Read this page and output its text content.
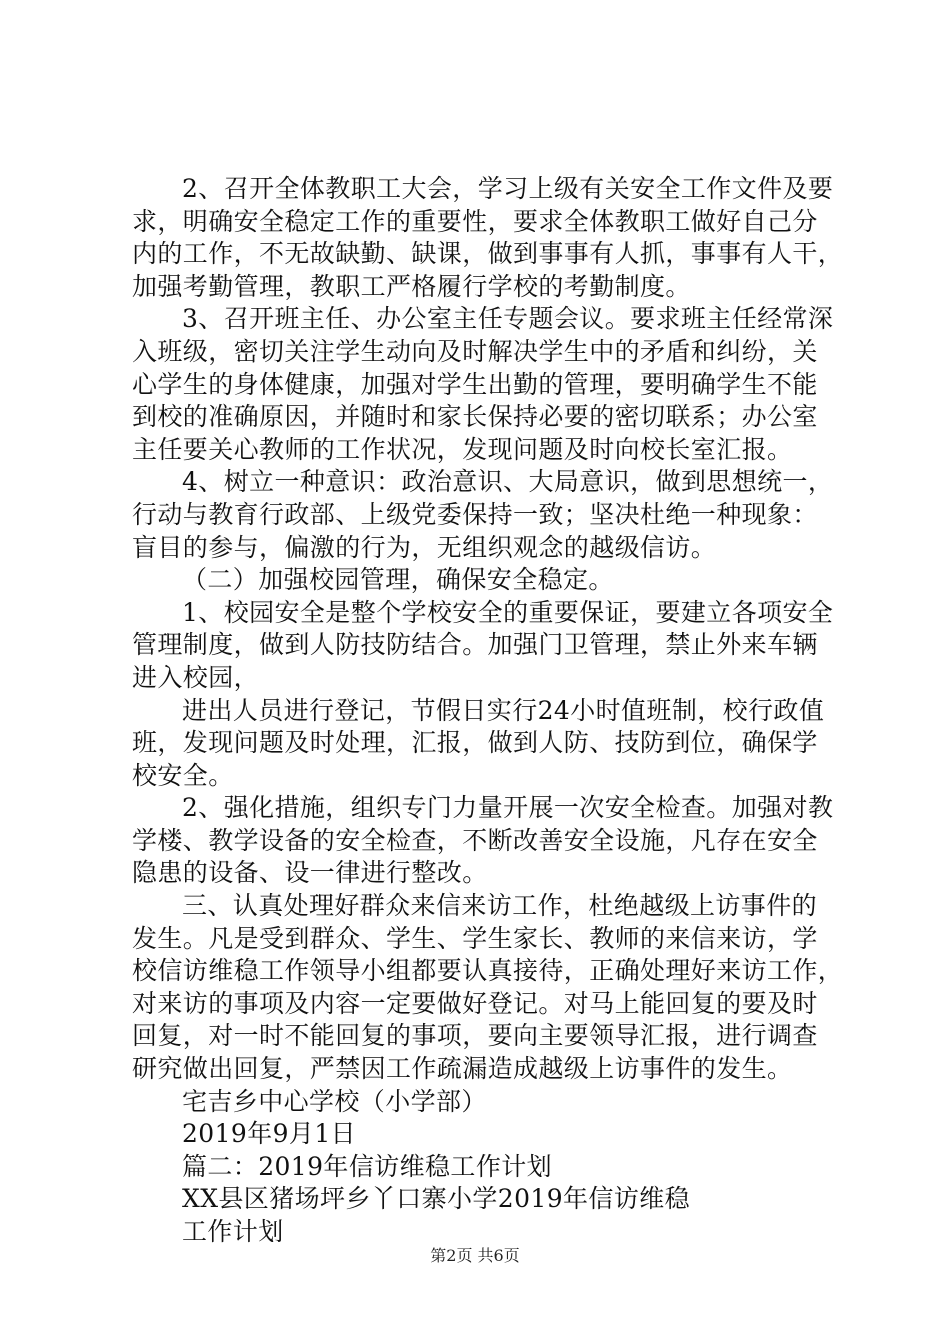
2、召开全体教职工大会，学习上级有关安全工作文件及要
求，明确安全稳定工作的重要性，要求全体教职工做好自己分
内的工作，不无故缺勤、缺课，做到事事有人抓，事事有人干，
加强考勤管理，教职工严格履行学校的考勤制度。
3、召开班主任、办公室主任专题会议。要求班主任经常深
入班级，密切关注学生动向及时解决学生中的矛盾和纠纷，关
心学生的身体健康，加强对学生出勤的管理，要明确学生不能
到校的准确原因，并随时和家长保持必要的密切联系；办公室
主任要关心教师的工作状况，发现问题及时向校长室汇报。
4、树立一种意识：政治意识、大局意识，做到思想统一，
行动与教育行政部、上级党委保持一致；坚决杜绝一种现象：
盲目的参与，偏激的行为，无组织观念的越级信访。
（二）加强校园管理，确保安全稳定。
1、校园安全是整个学校安全的重要保证，要建立各项安全
管理制度，做到人防技防结合。加强门卫管理，禁止外来车辆
进入校园，
进出人员进行登记，节假日实行24小时值班制，校行政值
班，发现问题及时处理，汇报，做到人防、技防到位，确保学
校安全。
2、强化措施，组织专门力量开展一次安全检查。加强对教
学楼、教学设备的安全检查，不断改善安全设施，凡存在安全
隐患的设备、设一律进行整改。
三、认真处理好群众来信来访工作，杜绝越级上访事件的
发生。凡是受到群众、学生、学生家长、教师的来信来访，学
校信访维稳工作领导小组都要认真接待，正确处理好来访工作，
对来访的事项及内容一定要做好登记。对马上能回复的要及时
回复，对一时不能回复的事项，要向主要领导汇报，进行调查
研究做出回复，严禁因工作疏漏造成越级上访事件的发生。
宅吉乡中心学校（小学部）
2019年9月1日
篇二：2019年信访维稳工作计划
XX县区猪场坪乡丫口寨小学2019年信访维稳
工作计划
第2页 共6页
